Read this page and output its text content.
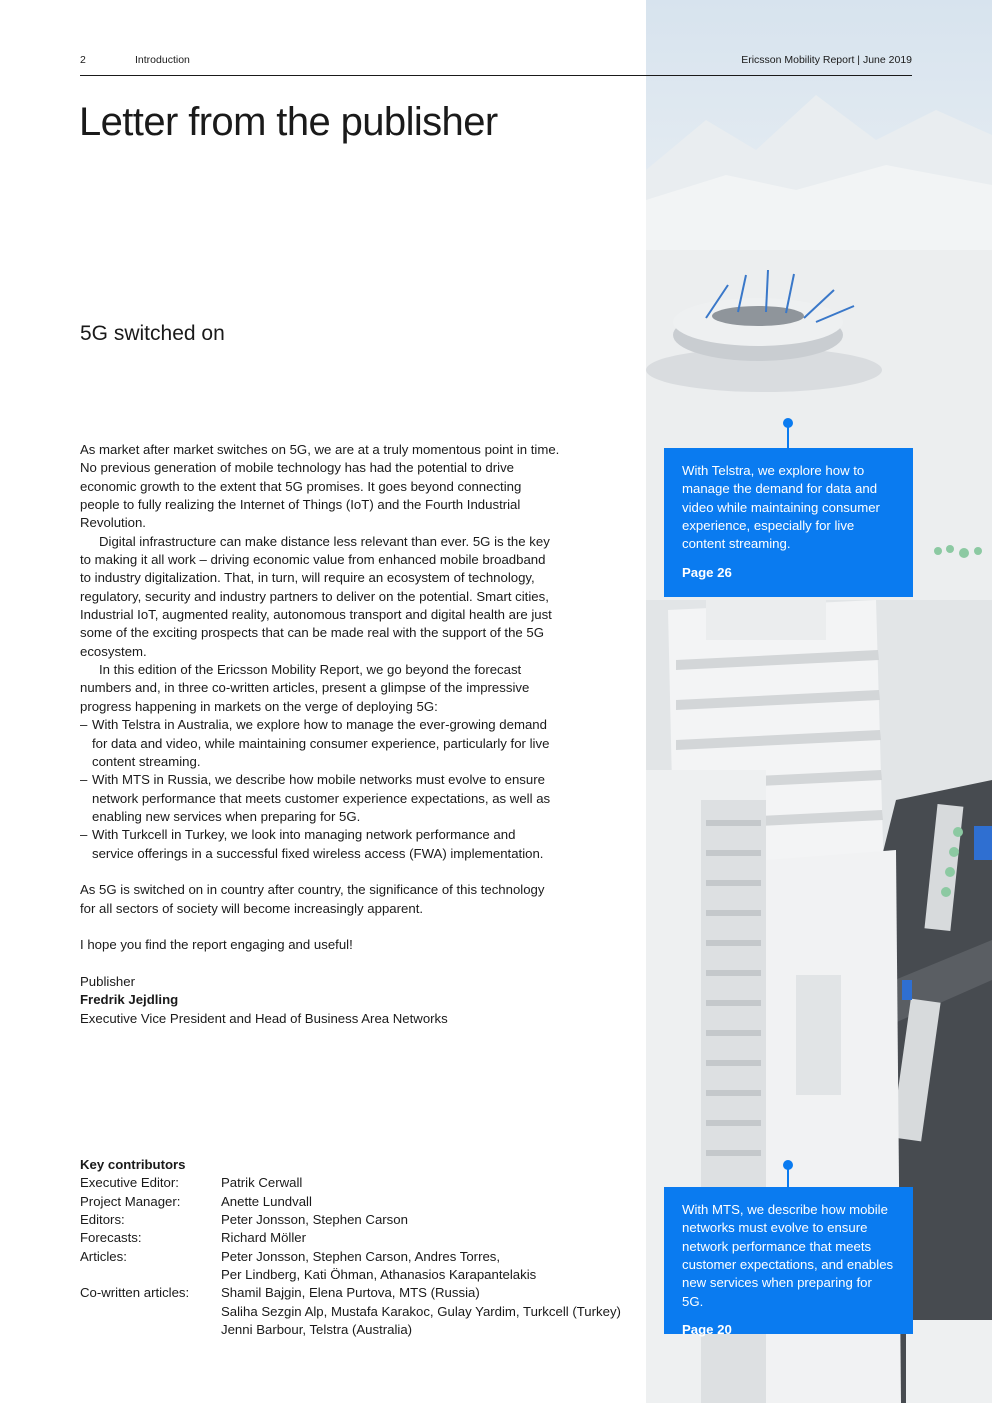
2	Introduction	Ericsson Mobility Report | June 2019
Letter from the publisher
5G switched on

As market after market switches on 5G, we are at a truly momentous point in time. No previous generation of mobile technology has had the potential to drive economic growth to the extent that 5G promises. It goes beyond connecting people to fully realizing the Internet of Things (IoT) and the Fourth Industrial Revolution.

Digital infrastructure can make distance less relevant than ever. 5G is the key to making it all work – driving economic value from enhanced mobile broadband to industry digitalization. That, in turn, will require an ecosystem of technology, regulatory, security and industry partners to deliver on the potential. Smart cities, Industrial IoT, augmented reality, autonomous transport and digital health are just some of the exciting prospects that can be made real with the support of the 5G ecosystem.

In this edition of the Ericsson Mobility Report, we go beyond the forecast numbers and, in three co-written articles, present a glimpse of the impressive progress happening in markets on the verge of deploying 5G:

– With Telstra in Australia, we explore how to manage the ever-growing demand for data and video, while maintaining consumer experience, particularly for live content streaming.
– With MTS in Russia, we describe how mobile networks must evolve to ensure network performance that meets customer experience expectations, as well as enabling new services when preparing for 5G.
– With Turkcell in Turkey, we look into managing network performance and service offerings in a successful fixed wireless access (FWA) implementation.

As 5G is switched on in country after country, the significance of this technology for all sectors of society will become increasingly apparent.

I hope you find the report engaging and useful!

Publisher

Fredrik Jejdling

Executive Vice President and Head of Business Area Networks

Key contributors
Executive Editor:	Patrik Cerwall
Project Manager:	Anette Lundvall
Editors:	Peter Jonsson, Stephen Carson
Forecasts:	Richard Möller
Articles:	Peter Jonsson, Stephen Carson, Andres Torres,
	Per Lindberg, Kati Öhman, Athanasios Karapantelakis
Co-written articles:	Shamil Bajgin, Elena Purtova, MTS (Russia)
	Saliha Sezgin Alp, Mustafa Karakoc, Gulay Yardim, Turkcell (Turkey)
	Jenni Barbour, Telstra (Australia)
With Telstra, we explore how to manage the demand for data and video while maintaining consumer experience, especially for live content streaming.
Page 26
With MTS, we describe how mobile networks must evolve to ensure network performance that meets customer expectations, and enables new services when preparing for 5G.
Page 20
